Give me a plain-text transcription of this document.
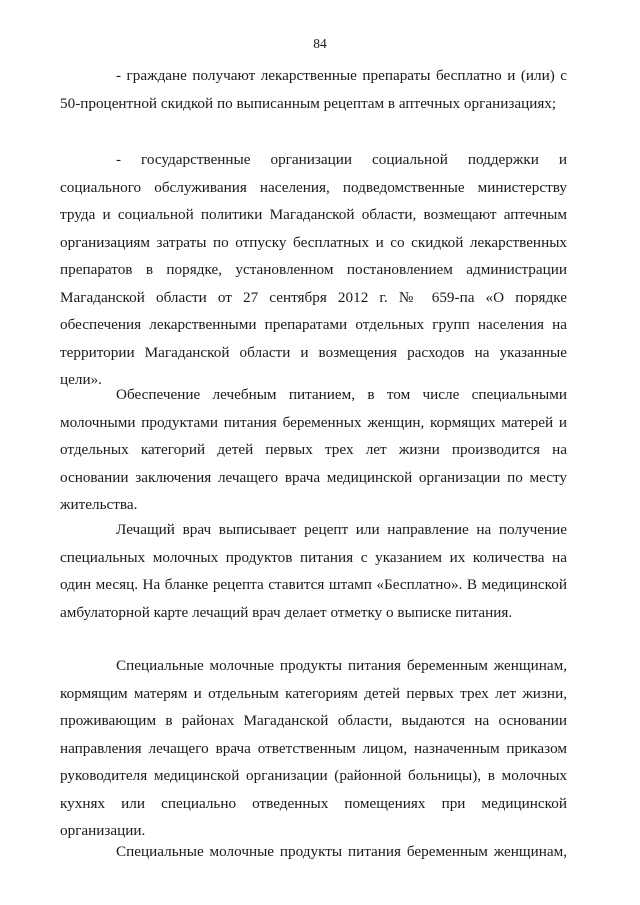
84
- граждане получают лекарственные препараты бесплатно и (или) с
50-процентной скидкой по выписанным рецептам в аптечных организациях;
- государственные организации социальной поддержки и
социального обслуживания населения, подведомственные министерству труда и социальной политики Магаданской области, возмещают аптечным организациям затраты по отпуску бесплатных и со скидкой лекарственных препаратов в порядке, установленном постановлением администрации Магаданской области от 27 сентября 2012 г. № 659-па «О порядке обеспечения лекарственными препаратами отдельных групп населения на территории Магаданской области и возмещения расходов на указанные цели».
Обеспечение лечебным питанием, в том числе специальными
молочными продуктами питания беременных женщин, кормящих матерей и отдельных категорий детей первых трех лет жизни производится на основании заключения лечащего врача медицинской организации по месту жительства.
Лечащий врач выписывает рецепт или направление на получение
специальных молочных продуктов питания с указанием их количества на один месяц. На бланке рецепта ставится штамп «Бесплатно». В медицинской амбулаторной карте лечащий врач делает отметку о выписке питания.
Специальные молочные продукты питания беременным женщинам,
кормящим матерям и отдельным категориям детей первых трех лет жизни, проживающим в районах Магаданской области, выдаются на основании направления лечащего врача ответственным лицом, назначенным приказом руководителя медицинской организации (районной больницы), в молочных кухнях или специально отведенных помещениях при медицинской организации.
Специальные молочные продукты питания беременным женщинам,
